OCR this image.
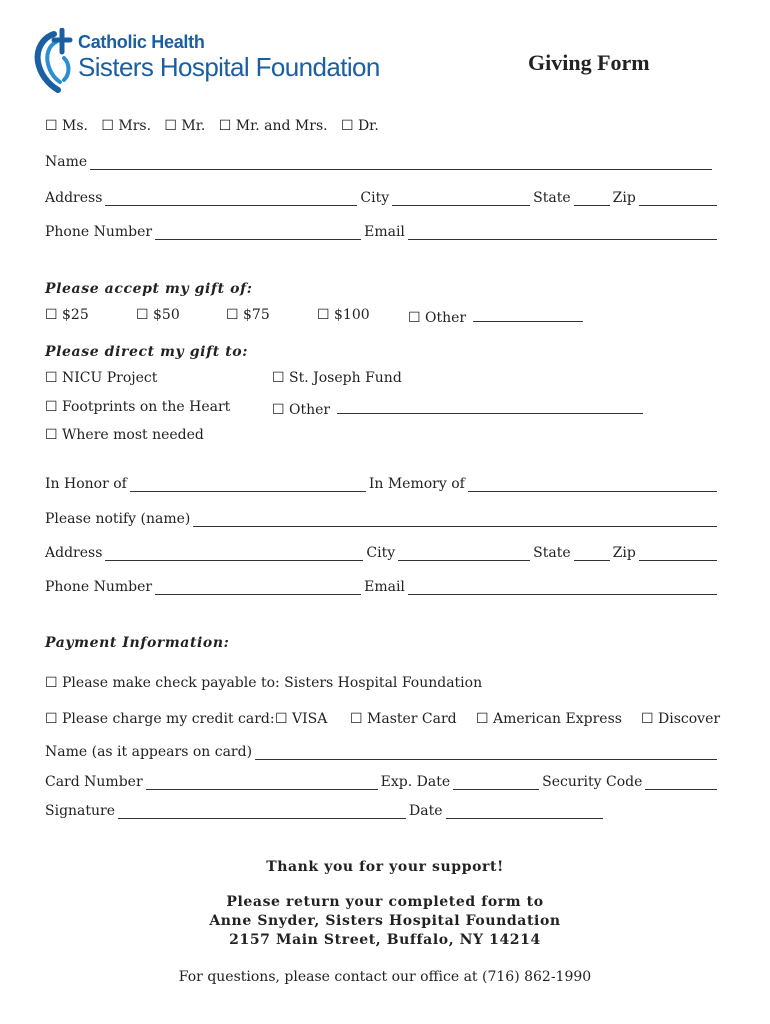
Catholic Health
Sisters Hospital Foundation	Giving Form
☐ Ms. ☐ Mrs. ☐ Mr. ☐ Mr. and Mrs. ☐ Dr.
Name
Address	City	State	Zip
Phone Number	Email
Please accept my gift of:
☐ $25	☐ $50	☐ $75	☐ $100	☐ Other
Please direct my gift to:
☐ NICU Project	☐ St. Joseph Fund
☐ Footprints on the Heart	☐ Other
☐ Where most needed
In Honor of	In Memory of
Please notify (name)
Address	City	State	Zip
Phone Number	Email
Payment Information:
☐ Please make check payable to: Sisters Hospital Foundation
☐ Please charge my credit card: ☐ VISA ☐ Master Card ☐ American Express ☐ Discover
Name (as it appears on card)
Card Number	Exp. Date	Security Code
Signature	Date
Thank you for your support!
Please return your completed form to
Anne Snyder, Sisters Hospital Foundation
2157 Main Street, Buffalo, NY 14214
For questions, please contact our office at (716) 862-1990
